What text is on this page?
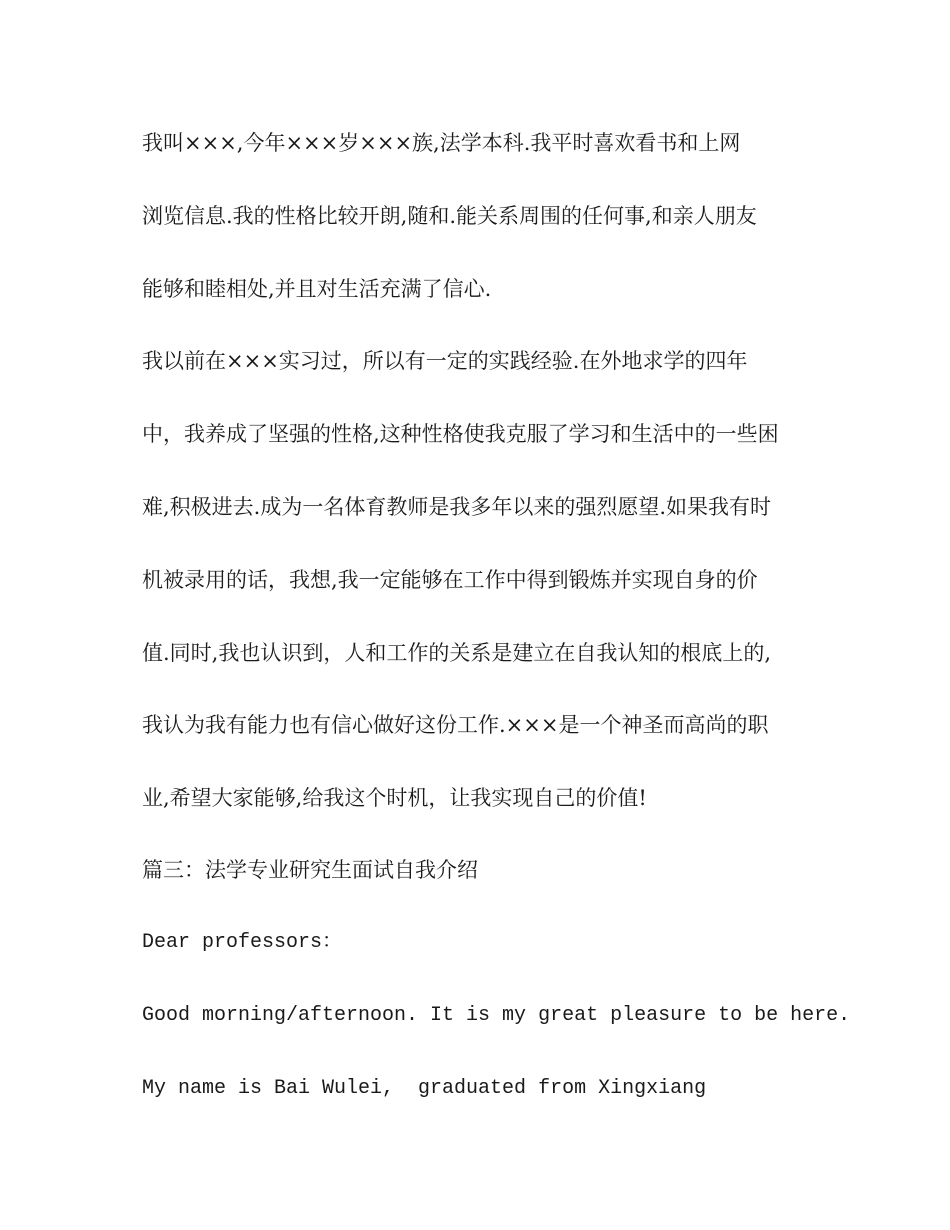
我叫×××,今年×××岁×××族,法学本科.我平时喜欢看书和上网

浏览信息.我的性格比较开朗,随和.能关系周围的任何事,和亲人朋友

能够和睦相处,并且对生活充满了信心.

我以前在×××实习过，所以有一定的实践经验.在外地求学的四年

中，我养成了坚强的性格,这种性格使我克服了学习和生活中的一些困

难,积极进去.成为一名体育教师是我多年以来的强烈愿望.如果我有时

机被录用的话，我想,我一定能够在工作中得到锻炼并实现自身的价

值.同时,我也认识到，人和工作的关系是建立在自我认知的根底上的,

我认为我有能力也有信心做好这份工作.×××是一个神圣而高尚的职

业,希望大家能够,给我这个时机，让我实现自己的价值!

篇三：法学专业研究生面试自我介绍

Dear professors：

Good morning/afternoon. It is my great pleasure to be here.

My name is Bai Wulei,  graduated from Xingxiang
